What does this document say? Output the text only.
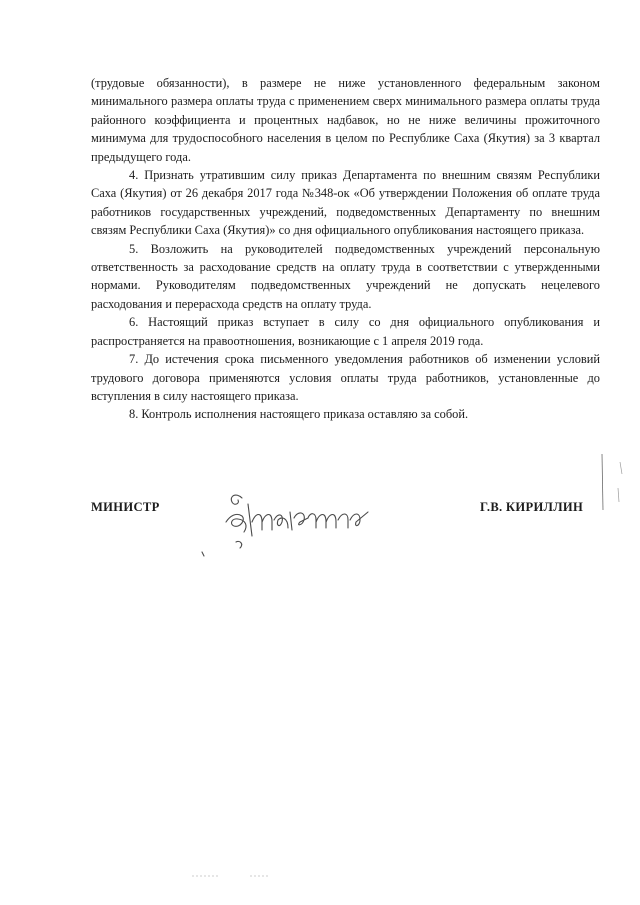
(трудовые обязанности), в размере не ниже установленного федеральным законом минимального размера оплаты труда с применением сверх минимального размера оплаты труда районного коэффициента и процентных надбавок, но не ниже величины прожиточного минимума для трудоспособного населения в целом по Республике Саха (Якутия) за 3 квартал предыдущего года.

4. Признать утратившим силу приказ Департамента по внешним связям Республики Саха (Якутия) от 26 декабря 2017 года №348-ок «Об утверждении Положения об оплате труда работников государственных учреждений, подведомственных Департаменту по внешним связям Республики Саха (Якутия)» со дня официального опубликования настоящего приказа.

5. Возложить на руководителей подведомственных учреждений персональную ответственность за расходование средств на оплату труда в соответствии с утвержденными нормами. Руководителям подведомственных учреждений не допускать нецелевого расходования и перерасхода средств на оплату труда.

6. Настоящий приказ вступает в силу со дня официального опубликования и распространяется на правоотношения, возникающие с 1 апреля 2019 года.

7. До истечения срока письменного уведомления работников об изменении условий трудового договора применяются условия оплаты труда работников, установленные до вступления в силу настоящего приказа.

8. Контроль исполнения настоящего приказа оставляю за собой.

МИНИСТР	Г.В. КИРИЛЛИН
